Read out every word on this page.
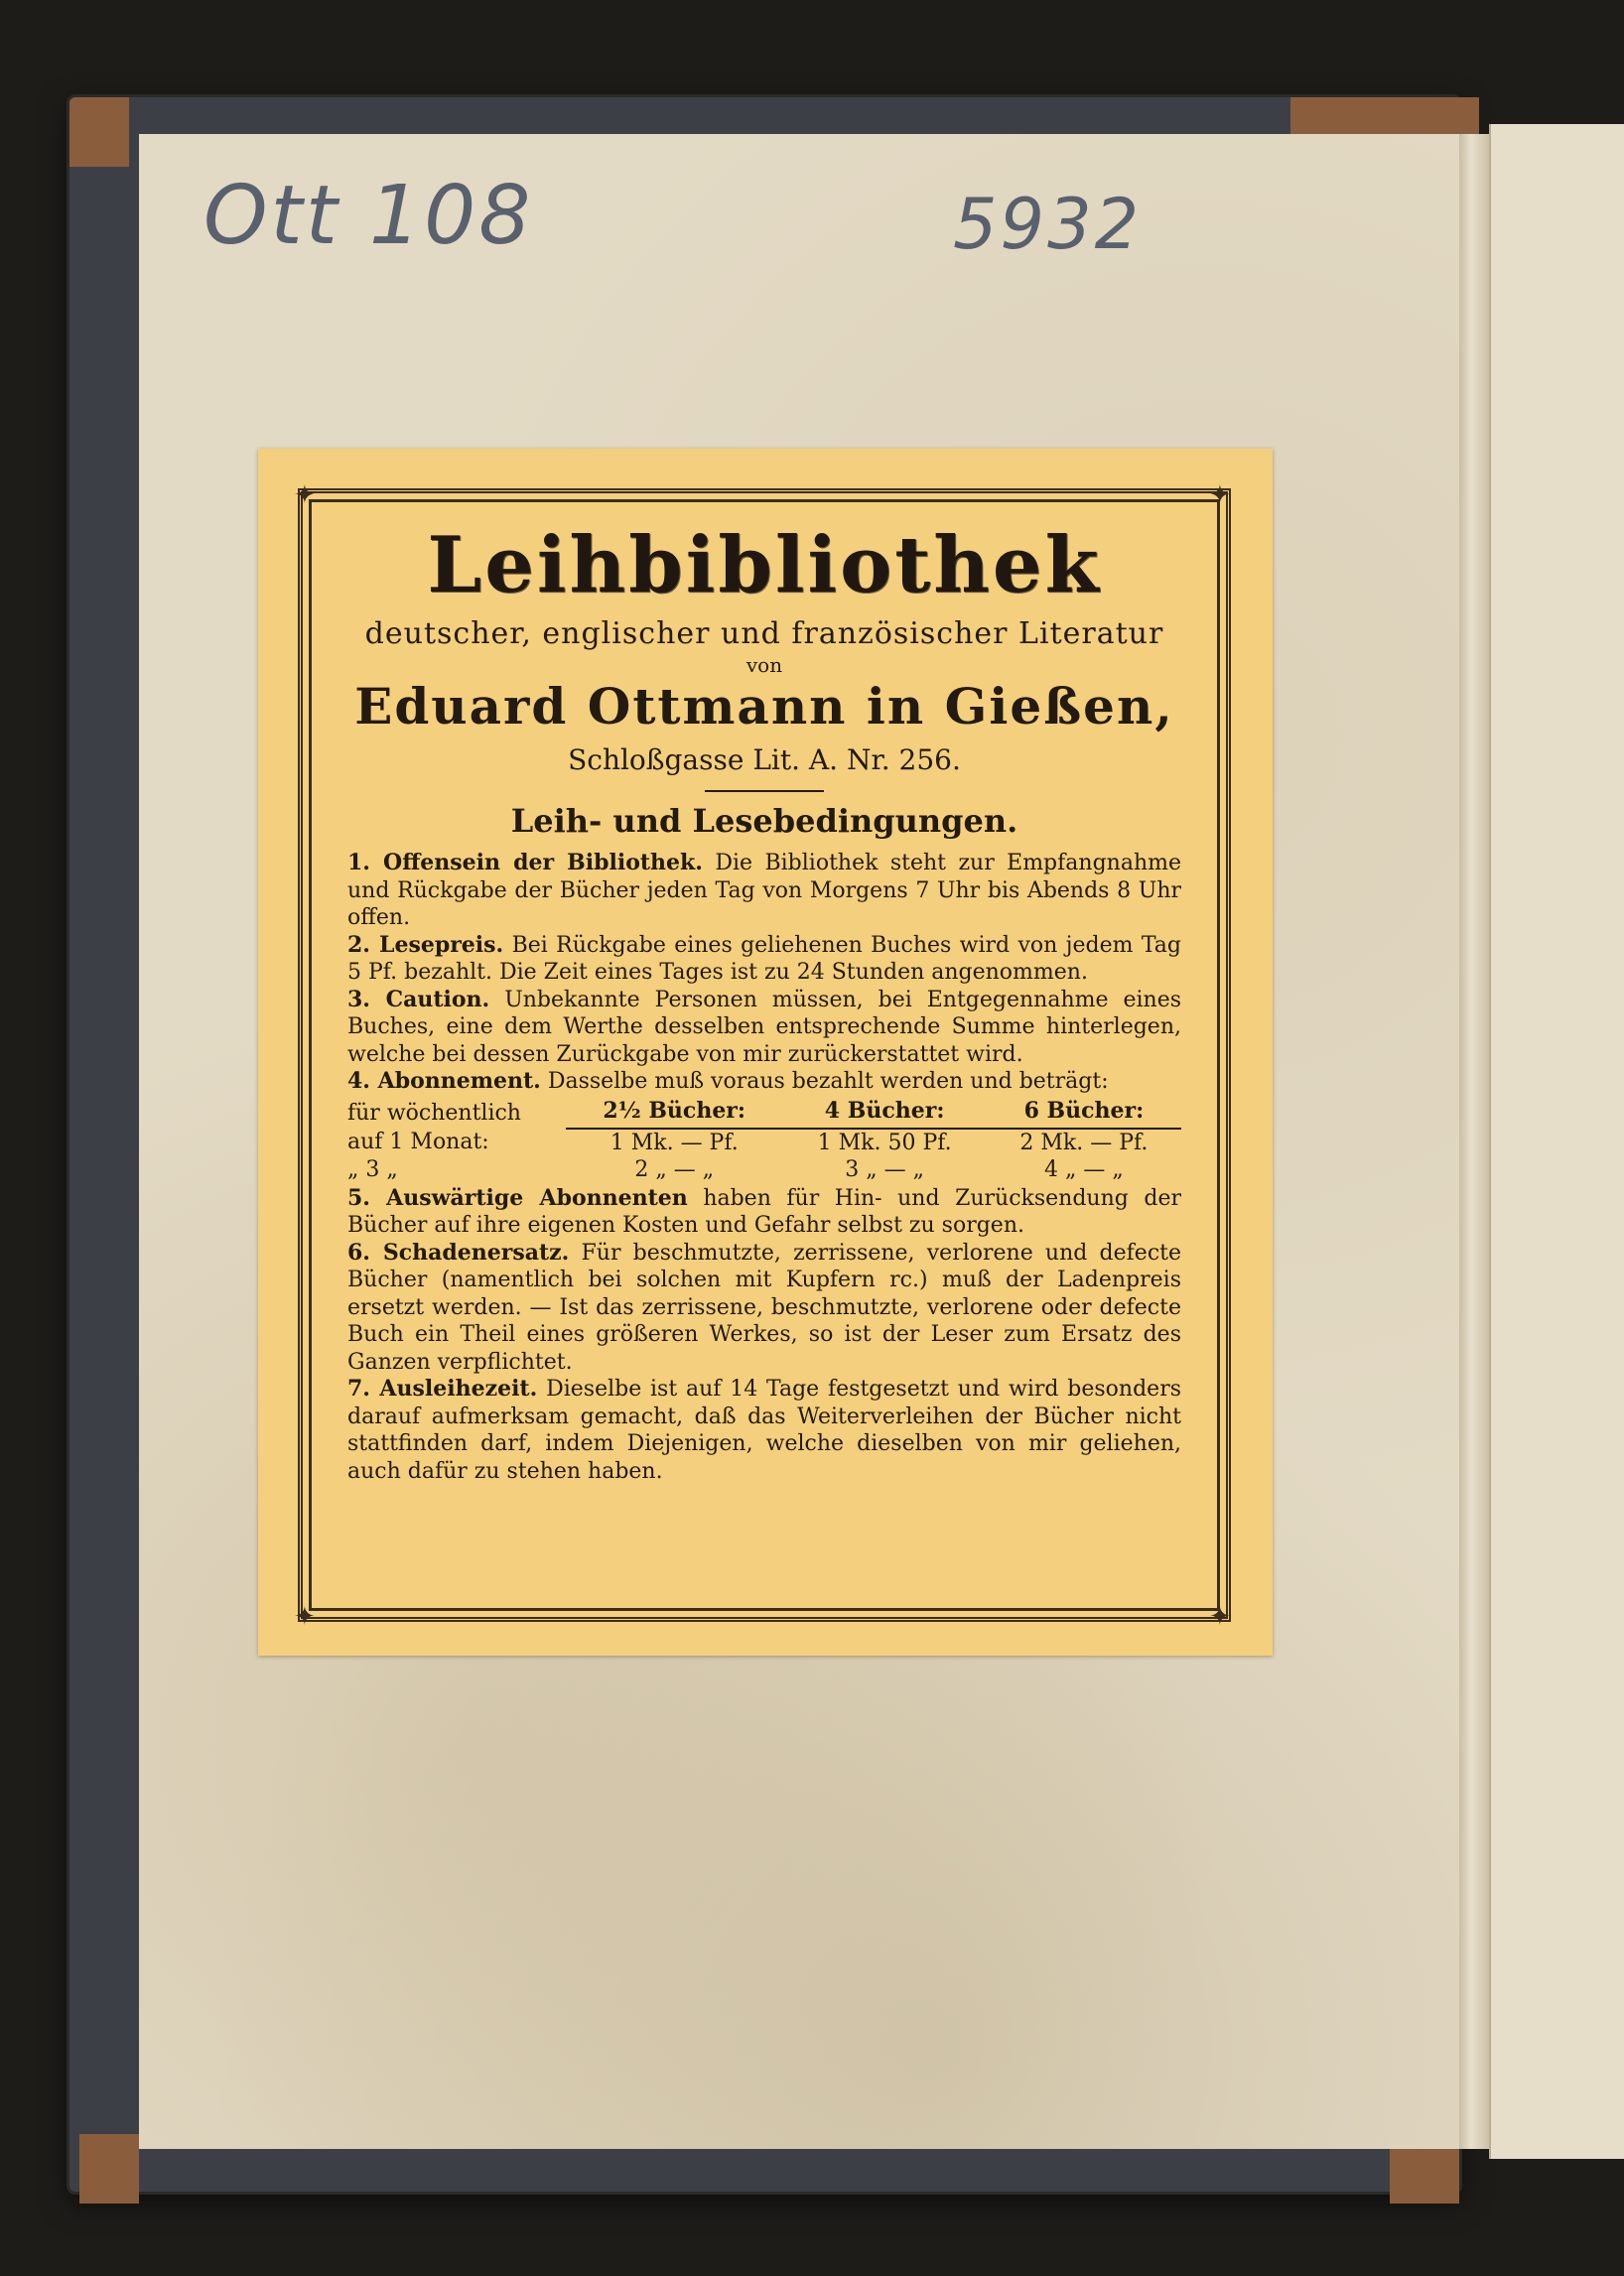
Ott 108	5932
✦	✦
✦	✦
Leihbibliothek

deutscher, englischer und französischer Literatur

von

Eduard Ottmann in Gießen,

Schloßgasse Lit. A. Nr. 256.

Leih- und Lesebedingungen.

1. Offensein der Bibliothek. Die Bibliothek steht zur Empfangnahme und Rückgabe der Bücher jeden Tag von Morgens 7 Uhr bis Abends 8 Uhr offen.

2. Lesepreis. Bei Rückgabe eines geliehenen Buches wird von jedem Tag 5 Pf. bezahlt. Die Zeit eines Tages ist zu 24 Stunden angenommen.

3. Caution. Unbekannte Personen müssen, bei Entgegennahme eines Buches, eine dem Werthe desselben entsprechende Summe hinterlegen, welche bei dessen Zurückgabe von mir zurückerstattet wird.

4. Abonnement. Dasselbe muß voraus bezahlt werden und beträgt:

für wöchentlich	2½ Bücher:	4 Bücher:	6 Bücher:
auf 1 Monat:	1 Mk. — Pf.	1 Mk. 50 Pf.	2 Mk. — Pf.
„ 3 „	2 „ — „	3 „ — „	4 „ — „

5. Auswärtige Abonnenten haben für Hin- und Zurücksendung der Bücher auf ihre eigenen Kosten und Gefahr selbst zu sorgen.

6. Schadenersatz. Für beschmutzte, zerrissene, verlorene und defecte Bücher (namentlich bei solchen mit Kupfern rc.) muß der Ladenpreis ersetzt werden. — Ist das zerrissene, beschmutzte, verlorene oder defecte Buch ein Theil eines größeren Werkes, so ist der Leser zum Ersatz des Ganzen verpflichtet.

7. Ausleihezeit. Dieselbe ist auf 14 Tage festgesetzt und wird besonders darauf aufmerksam gemacht, daß das Weiterverleihen der Bücher nicht stattfinden darf, indem Diejenigen, welche dieselben von mir geliehen, auch dafür zu stehen haben.
